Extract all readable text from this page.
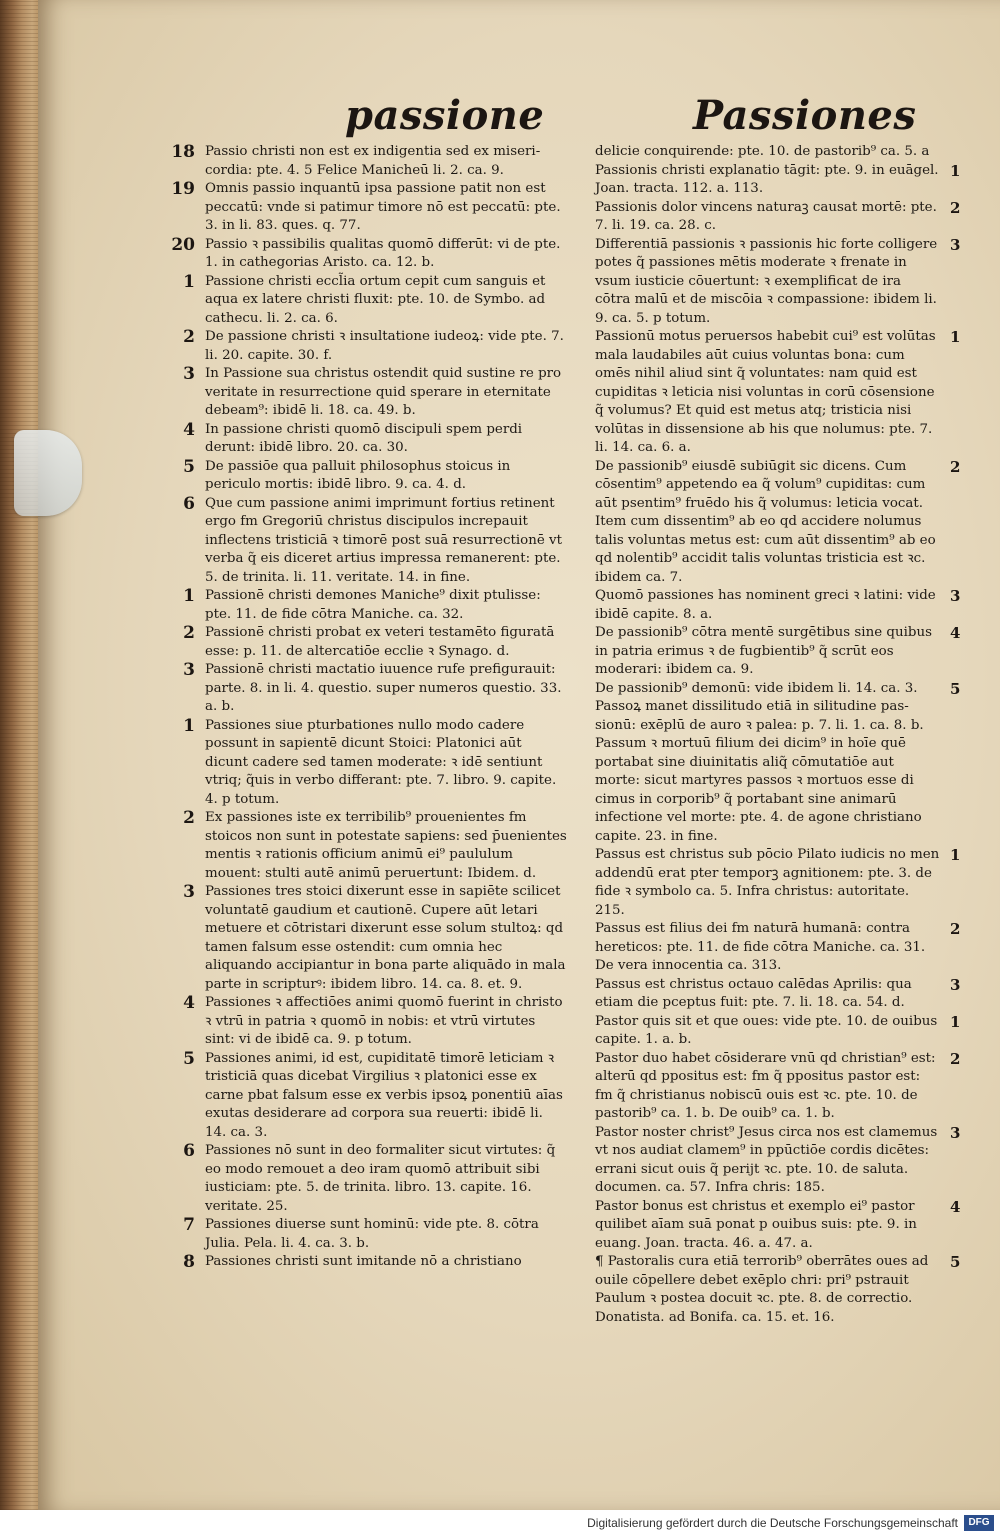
passione	Passiones
18 Passio christi non est ex indigentia sed ex misericordia: pte. 4. 5 Felice Manicheū li. 2. ca. 9.
19 Omnis passio inquantū ipsa passione patit non est peccatū: vnde si patimur timore nō est peccatū: pte. 3. in li. 83. ques. q. 77.
20 Passio ꝛ passibilis qualitas quomō differūt: vi de pte. 1. in cathegorias Aristo. ca. 12. b.
1 Passione christi eccl̃ia ortum cepit cum sanguis et aqua ex latere christi fluxit: pte. 10. de Symbo. ad cathecu. li. 2. ca. 6.
2 De passione christi ꝛ insultatione iudeoꝝ: vide pte. 7. li. 20. capite. 30. f.
3 In Passione sua christus ostendit quid sustine re pro veritate in resurrectione quid sperare in eternitate debeam⁹: ibidē li. 18. ca. 49. b.
4 In passione christi quomō discipuli spem perdi derunt: ibidē libro. 20. ca. 30.
5 De passiōe qua palluit philosophus stoicus in periculo mortis: ibidē libro. 9. ca. 4. d.
6 Que cum passione animi imprimunt fortius retinent ergo fm Gregoriū christus discipulos increpauit inflectens tristiciā ꝛ timorē post suā resurrectionē vt verba q̃ eis diceret artius impressa remanerent: pte. 5. de trinita. li. 11. veritate. 14. in fine.
1 Passionē christi demones Maniche⁹ dixit ptulisse: pte. 11. de fide cōtra Maniche. ca. 32.
2 Passionē christi probat ex veteri testamēto figuratā esse: p. 11. de altercatiōe ecclie ꝛ Synago. d.
3 Passionē christi mactatio iuuence rufe prefigurauit: parte. 8. in li. 4. questio. super numeros questio. 33. a. b.
1 Passiones siue pturbationes nullo modo cadere possunt in sapientē dicunt Stoici: Platonici aūt dicunt cadere sed tamen moderate: ꝛ idē sentiunt vtriq; q̃uis in verbo differant: pte. 7. libro. 9. capite. 4. p totum.
2 Ex passiones iste ex terribilib⁹ prouenientes fm stoicos non sunt in potestate sapiens: sed p̄uenientes mentis ꝛ rationis officium animū ei⁹ paululum mouent: stulti autē animū peruertunt: Ibidem. d.
3 Passiones tres stoici dixerunt esse in sapiēte scilicet voluntatē gaudium et cautionē. Cupere aūt letari metuere et cōtristari dixerunt esse solum stultoꝝ: qd tamen falsum esse ostendit: cum omnia hec aliquando accipiantur in bona parte aliquādo in mala parte in scripturꝰ: ibidem libro. 14. ca. 8. et. 9.
4 Passiones ꝛ affectiōes animi quomō fuerint in christo ꝛ vtrū in patria ꝛ quomō in nobis: et vtrū virtutes sint: vi de ibidē ca. 9. p totum.
5 Passiones animi, id est, cupiditatē timorē leticiam ꝛ tristiciā quas dicebat Virgilius ꝛ platonici esse ex carne pbat falsum esse ex verbis ipsoꝝ ponentiū aīas exutas desiderare ad corpora sua reuerti: ibidē li. 14. ca. 3.
6 Passiones nō sunt in deo formaliter sicut virtutes: q̃ eo modo remouet a deo iram quomō attribuit sibi iusticiam: pte. 5. de trinita. libro. 13. capite. 16. veritate. 25.
7 Passiones diuerse sunt hominū: vide pte. 8. cōtra Julia. Pela. li. 4. ca. 3. b.
8 Passiones christi sunt imitande nō a christiano
delicie conquirende: pte. 10. de pastorib⁹ ca. 5. a
1
Passionis christi explanatio tāgit: pte. 9. in euāgel. Joan. tracta. 112. a. 113.
2
Passionis dolor vincens naturaꝫ causat mortē: pte. 7. li. 19. ca. 28. c.
3
Differentiā passionis ꝛ passionis hic forte colligere potes q̃ passiones mētis moderate ꝛ frenate in vsum iusticie cōuertunt: ꝛ exemplificat de ira cōtra malū et de miscōia ꝛ compassione: ibidem li. 9. ca. 5. p totum.
1
Passionū motus peruersos habebit cui⁹ est volūtas mala laudabiles aūt cuius voluntas bona: cum omēs nihil aliud sint q̃ voluntates: nam quid est cupiditas ꝛ leticia nisi voluntas in corū cōsensione q̃ volumus? Et quid est metus atq; tristicia nisi volūtas in dissensione ab his que nolumus: pte. 7. li. 14. ca. 6. a.
2
De passionib⁹ eiusdē subiūgit sic dicens. Cum cōsentim⁹ appetendo ea q̃ volum⁹ cupiditas: cum aūt psentim⁹ fruēdo his q̃ volumus: leticia vocat. Item cum dissentim⁹ ab eo qd accidere nolumus talis voluntas metus est: cum aūt dissentim⁹ ab eo qd nolentib⁹ accidit talis voluntas tristicia est ꝛc. ibidem ca. 7.
3
Quomō passiones has nominent greci ꝛ latini: vide ibidē capite. 8. a.
4
De passionib⁹ cōtra mentē surgētibus sine quibus in patria erimus ꝛ de fugbientib⁹ q̃ scrūt eos moderari: ibidem ca. 9.
5
De passionib⁹ demonū: vide ibidem li. 14. ca. 3. Passoꝝ manet dissilitudo etiā in silitudine passionū: exēplū de auro ꝛ palea: p. 7. li. 1. ca. 8. b. Passum ꝛ mortuū filium dei dicim⁹ in hoīe quē portabat sine diuinitatis aliq̃ cōmutatiōe aut morte: sicut martyres passos ꝛ mortuos esse di cimus in corporib⁹ q̃ portabant sine animarū infectione vel morte: pte. 4. de agone christiano capite. 23. in fine.
1
Passus est christus sub pōcio Pilato iudicis no men addendū erat pter temporꝫ agnitionem: pte. 3. de fide ꝛ symbolo ca. 5. Infra christus: autoritate. 215.
2
Passus est filius dei fm naturā humanā: contra hereticos: pte. 11. de fide cōtra Maniche. ca. 31. De vera innocentia ca. 313.
3
Passus est christus octauo calēdas Aprilis: qua etiam die pceptus fuit: pte. 7. li. 18. ca. 54. d.
1
Pastor quis sit et que oues: vide pte. 10. de ouibus capite. 1. a. b.
2
Pastor duo habet cōsiderare vnū qd christian⁹ est: alterū qd ppositus est: fm q̃ ppositus pastor est: fm q̃ christianus nobiscū ouis est ꝛc. pte. 10. de pastorib⁹ ca. 1. b. De ouib⁹ ca. 1. b.
3
Pastor noster christ⁹ Jesus circa nos est clamemus vt nos audiat clamem⁹ in ppūctiōe cordis dicētes: errani sicut ouis q̃ perijt ꝛc. pte. 10. de saluta. documen. ca. 57. Infra chris: 185.
4
Pastor bonus est christus et exemplo ei⁹ pastor quilibet aīam suā ponat p ouibus suis: pte. 9. in euang. Joan. tracta. 46. a. 47. a.
5
¶ Pastoralis cura etiā terrorib⁹ oberrātes oues ad ouile cōpellere debet exēplo chri: pri⁹ pstrauit Paulum ꝛ postea docuit ꝛc. pte. 8. de correctio. Donatista. ad Bonifa. ca. 15. et. 16.
Digitalisierung gefördert durch die Deutsche Forschungsgemeinschaft	DFG
